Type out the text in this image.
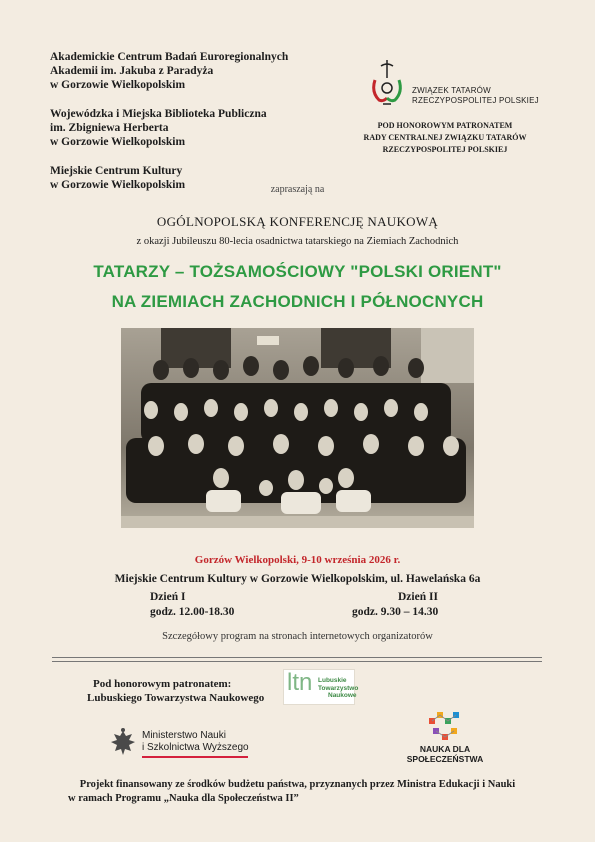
Akademickie Centrum Badań Euroregionalnych
Akademii im. Jakuba z Paradyża
w Gorzowie Wielkopolskim
Wojewódzka i Miejska Biblioteka Publiczna
im. Zbigniewa Herberta
w Gorzowie Wielkopolskim
Miejskie Centrum Kultury
w Gorzowie Wielkopolskim
ZWIĄZEK TATARÓW
RZECZYPOSPOLITEJ POLSKIEJ
POD HONOROWYM PATRONATEM
RADY CENTRALNEJ ZWIĄZKU TATARÓW
RZECZYPOSPOLITEJ POLSKIEJ
zapraszają na
OGÓLNOPOLSKĄ KONFERENCJĘ NAUKOWĄ
z okazji Jubileuszu 80-lecia osadnictwa tatarskiego na Ziemiach Zachodnich
TATARZY – TOŻSAMOŚCIOWY "POLSKI ORIENT"
NA ZIEMIACH ZACHODNICH I PÓŁNOCNYCH
Gorzów Wielkopolski, 9-10 września 2026 r.
Miejskie Centrum Kultury w Gorzowie Wielkopolskim, ul. Hawelańska 6a
Dzień I
godz. 12.00-18.30
Dzień II
godz. 9.30 – 14.30
Szczegółowy program na stronach internetowych organizatorów
Pod honorowym patronatem:
Lubuskiego Towarzystwa Naukowego
ltn Lubuskie
Towarzystwo
Naukowe
Ministerstwo Nauki
i Szkolnictwa Wyższego	NAUKA DLA
SPOŁECZEŃSTWA
Projekt finansowany ze środków budżetu państwa, przyznanych przez Ministra Edukacji i Nauki
w ramach Programu „Nauka dla Społeczeństwa II”
